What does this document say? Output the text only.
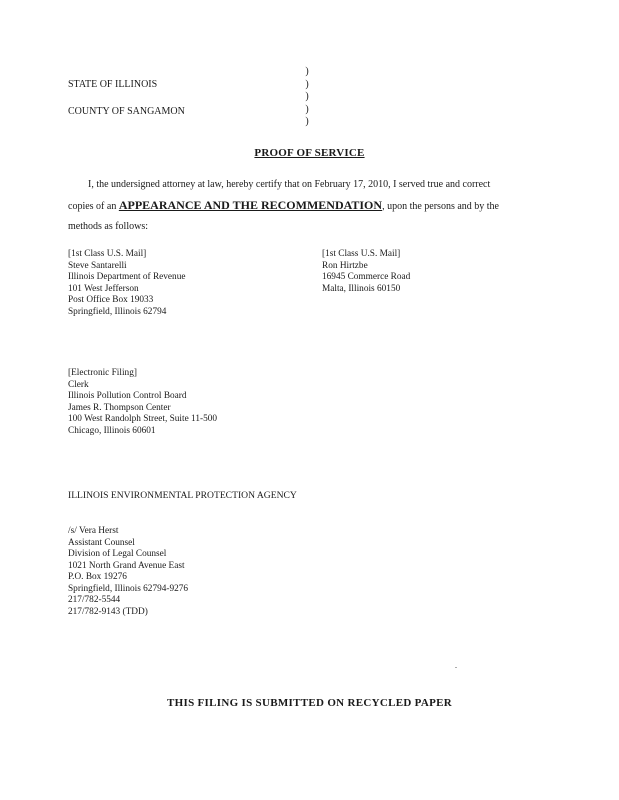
STATE OF ILLINOIS
COUNTY OF SANGAMON
)
)
)
)
)
PROOF OF SERVICE
I, the undersigned attorney at law, hereby certify that on February 17, 2010, I served true and correct
copies of an APPEARANCE AND THE RECOMMENDATION, upon the persons and by the
methods as follows:
[1st Class U.S. Mail]
Steve Santarelli
Illinois Department of Revenue
101 West Jefferson
Post Office Box 19033
Springfield, Illinois 62794
[1st Class U.S. Mail]
Ron Hirtzbe
16945 Commerce Road
Malta, Illinois 60150
[Electronic Filing]
Clerk
Illinois Pollution Control Board
James R. Thompson Center
100 West Randolph Street, Suite 11-500
Chicago, Illinois 60601
ILLINOIS ENVIRONMENTAL PROTECTION AGENCY
/s/ Vera Herst
Assistant Counsel
Division of Legal Counsel
1021 North Grand Avenue East
P.O. Box 19276
Springfield, Illinois 62794-9276
217/782-5544
217/782-9143 (TDD)
.
THIS FILING IS SUBMITTED ON RECYCLED PAPER
